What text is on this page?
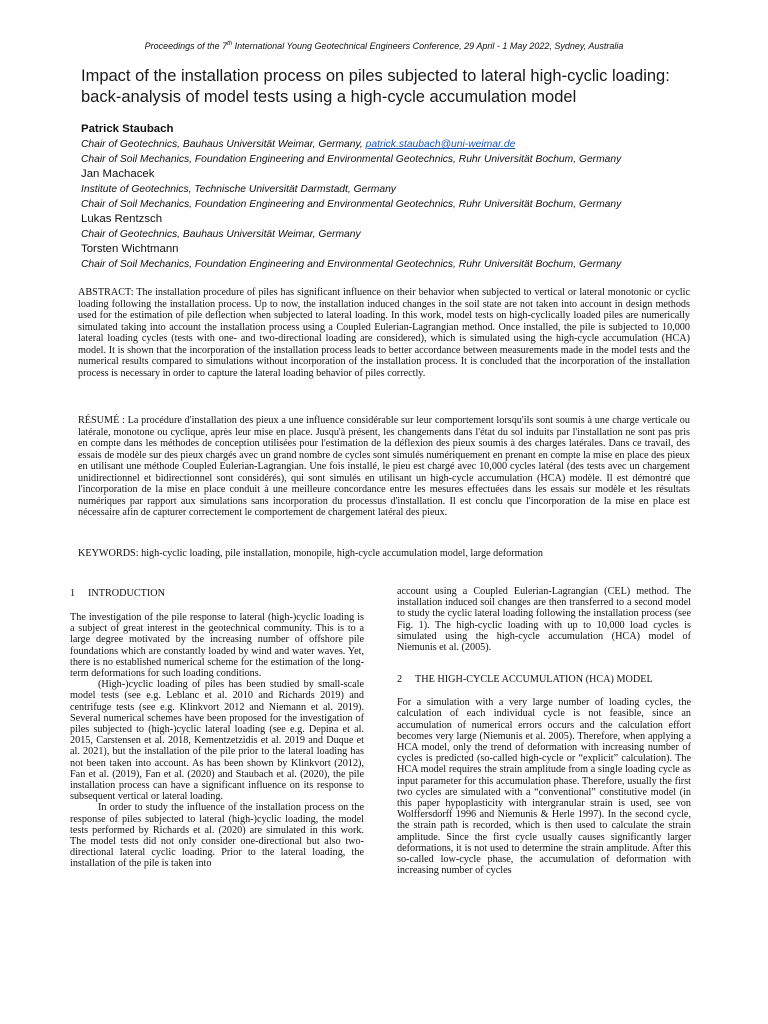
Proceedings of the 7th International Young Geotechnical Engineers Conference, 29 April - 1 May 2022, Sydney, Australia
Impact of the installation process on piles subjected to lateral high-cyclic loading: back-analysis of model tests using a high-cycle accumulation model
Patrick Staubach
Chair of Geotechnics, Bauhaus Universität Weimar, Germany, patrick.staubach@uni-weimar.de
Chair of Soil Mechanics, Foundation Engineering and Environmental Geotechnics, Ruhr Universität Bochum, Germany
Jan Machacek
Institute of Geotechnics, Technische Universität Darmstadt, Germany
Chair of Soil Mechanics, Foundation Engineering and Environmental Geotechnics, Ruhr Universität Bochum, Germany
Lukas Rentzsch
Chair of Geotechnics, Bauhaus Universität Weimar, Germany
Torsten Wichtmann
Chair of Soil Mechanics, Foundation Engineering and Environmental Geotechnics, Ruhr Universität Bochum, Germany
ABSTRACT: The installation procedure of piles has significant influence on their behavior when subjected to vertical or lateral monotonic or cyclic loading following the installation process. Up to now, the installation induced changes in the soil state are not taken into account in design methods used for the estimation of pile deflection when subjected to lateral loading. In this work, model tests on high-cyclically loaded piles are numerically simulated taking into account the installation process using a Coupled Eulerian-Lagrangian method. Once installed, the pile is subjected to 10,000 lateral loading cycles (tests with one- and two-directional loading are considered), which is simulated using the high-cycle accumulation (HCA) model. It is shown that the incorporation of the installation process leads to better accordance between measurements made in the model tests and the numerical results compared to simulations without incorporation of the installation process. It is concluded that the incorporation of the installation process is necessary in order to capture the lateral loading behavior of piles correctly.
RÉSUMÉ : La procédure d'installation des pieux a une influence considérable sur leur comportement lorsqu'ils sont soumis à une charge verticale ou latérale, monotone ou cyclique, après leur mise en place. Jusqu'à présent, les changements dans l'état du sol induits par l'installation ne sont pas pris en compte dans les méthodes de conception utilisées pour l'estimation de la déflexion des pieux soumis à des charges latérales. Dans ce travail, des essais de modèle sur des pieux chargés avec un grand nombre de cycles sont simulés numériquement en prenant en compte la mise en place des pieux en utilisant une méthode Coupled Eulerian-Lagrangian. Une fois installé, le pieu est chargé avec 10,000 cycles latéral (des tests avec un chargement unidirectionnel et bidirectionnel sont considérés), qui sont simulés en utilisant un high-cycle accumulation (HCA) modèle. Il est démontré que l'incorporation de la mise en place conduit à une meilleure concordance entre les mesures effectuées dans les essais sur modèle et les résultats numériques par rapport aux simulations sans incorporation du processus d'installation. Il est conclu que l'incorporation de la mise en place est nécessaire afin de capturer correctement le comportement de chargement latéral des pieux.
KEYWORDS: high-cyclic loading, pile installation, monopile, high-cycle accumulation model, large deformation
1 INTRODUCTION

The investigation of the pile response to lateral (high-)cyclic loading is a subject of great interest in the geotechnical community. This is to a large degree motivated by the increasing number of offshore pile foundations which are constantly loaded by wind and water waves. Yet, there is no established numerical scheme for the estimation of the long-term deformations for such loading conditions.

(High-)cyclic loading of piles has been studied by small-scale model tests (see e.g. Leblanc et al. 2010 and Richards 2019) and centrifuge tests (see e.g. Klinkvort 2012 and Niemann et al. 2019). Several numerical schemes have been proposed for the investigation of piles subjected to (high-)cyclic lateral loading (see e.g. Depina et al. 2015, Carstensen et al. 2018, Kementzetzidis et al. 2019 and Duque et al. 2021), but the installation of the pile prior to the lateral loading has not been taken into account. As has been shown by Klinkvort (2012), Fan et al. (2019), Fan et al. (2020) and Staubach et al. (2020), the pile installation process can have a significant influence on its response to subsequent vertical or lateral loading.

In order to study the influence of the installation process on the response of piles subjected to lateral (high-)cyclic loading, the model tests performed by Richards et al. (2020) are simulated in this work. The model tests did not only consider one-directional but also two-directional lateral cyclic loading. Prior to the lateral loading, the installation of the pile is taken into

account using a Coupled Eulerian-Lagrangian (CEL) method. The installation induced soil changes are then transferred to a second model to study the cyclic lateral loading following the installation process (see Fig. 1). The high-cyclic loading with up to 10,000 load cycles is simulated using the high-cycle accumulation (HCA) model of Niemunis et al. (2005).

2 THE HIGH-CYCLE ACCUMULATION (HCA) MODEL

For a simulation with a very large number of loading cycles, the calculation of each individual cycle is not feasible, since an accumulation of numerical errors occurs and the calculation effort becomes very large (Niemunis et al. 2005). Therefore, when applying a HCA model, only the trend of deformation with increasing number of cycles is predicted (so-called high-cycle or “explicit” calculation). The HCA model requires the strain amplitude from a single loading cycle as input parameter for this accumulation phase. Therefore, usually the first two cycles are simulated with a “conventional” constitutive model (in this paper hypoplasticity with intergranular strain is used, see von Wolffersdorff 1996 and Niemunis & Herle 1997). In the second cycle, the strain path is recorded, which is then used to calculate the strain amplitude. Since the first cycle usually causes significantly larger deformations, it is not used to determine the strain amplitude. After this so-called low-cycle phase, the accumulation of deformation with increasing number of cycles
